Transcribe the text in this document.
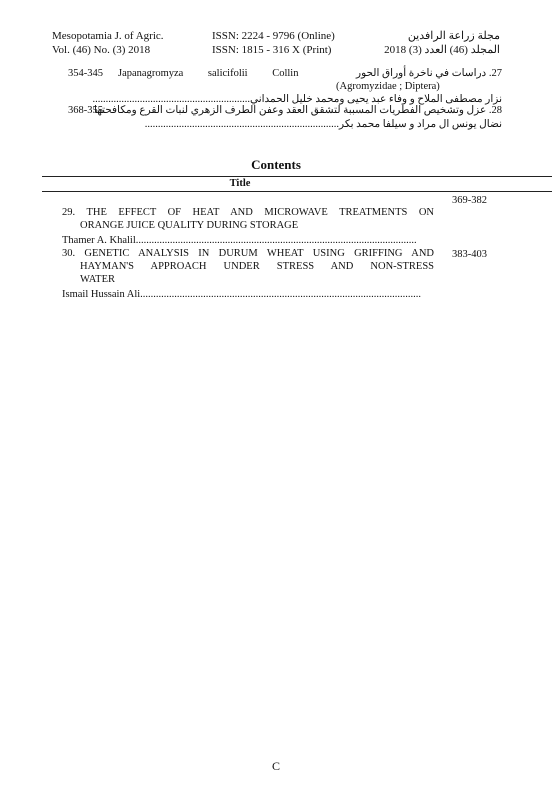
Mesopotamia J. of Agric.
Vol. (46) No. (3) 2018
ISSN: 2224 - 9796 (Online)
ISSN: 1815 - 316 X (Print)
مجلة زراعة الرافدين
المجلد (46) العدد (3) 2018
354-345 Japanagromyza salicifolii Collin	27. دراسات في ناخرة أوراق الحور
(Agromyzidae ; Diptera)
نزار مصطفى الملاح و وفاء عبد يحيى ومحمد خليل الحمداني............................................................
368-355
28. عزل وتشخيص الفطريات المسببة لتشقق العقد وعفن الطرف الزهري لنبات القرع ومكافحتها
نضال يونس ال مراد و سيلفا محمد بكر..........................................................................
Contents
Title
369-382
29. THE EFFECT OF HEAT AND MICROWAVE TREATMENTS ON
ORANGE JUICE QUALITY DURING STORAGE
Thamer A. Khalil...........................................................................................................
383-403
30. GENETIC ANALYSIS IN DURUM WHEAT USING GRIFFING AND
HAYMAN'S APPROACH UNDER STRESS AND NON-STRESS
WATER
Ismail Hussain Ali...........................................................................................................
C
